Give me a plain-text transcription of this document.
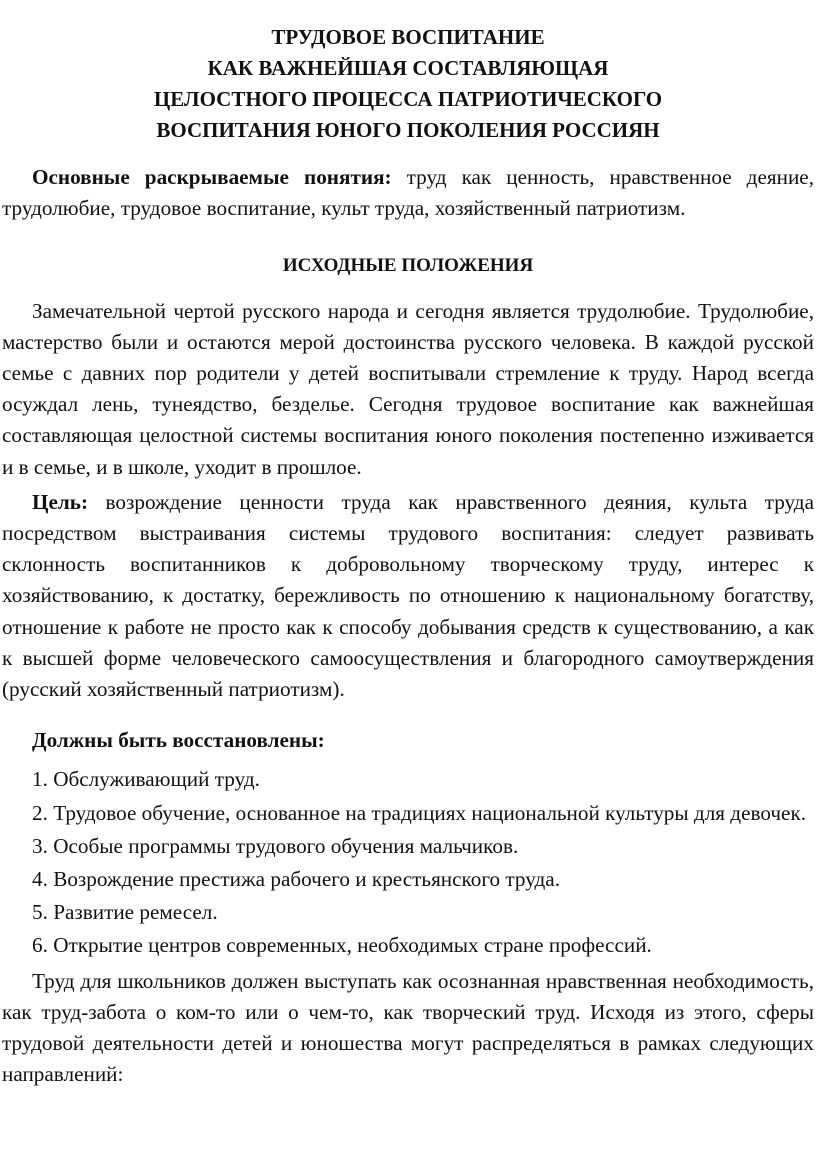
ТРУДОВОЕ ВОСПИТАНИЕ
КАК ВАЖНЕЙШАЯ СОСТАВЛЯЮЩАЯ
ЦЕЛОСТНОГО ПРОЦЕССА ПАТРИОТИЧЕСКОГО
ВОСПИТАНИЯ ЮНОГО ПОКОЛЕНИЯ РОССИЯН

Основные раскрываемые понятия: труд как ценность, нравственное деяние, трудолюбие, трудовое воспитание, культ труда, хозяйственный патриотизм.

ИСХОДНЫЕ ПОЛОЖЕНИЯ

Замечательной чертой русского народа и сегодня является трудолюбие. Трудолюбие, мастерство были и остаются мерой достоинства русского человека. В каждой русской семье с давних пор родители у детей воспитывали стремление к труду. Народ всегда осуждал лень, тунеядство, безделье. Сегодня трудовое воспитание как важнейшая составляющая целостной системы воспитания юного поколения постепенно изживается и в семье, и в школе, уходит в прошлое.

Цель: возрождение ценности труда как нравственного деяния, культа труда посредством выстраивания системы трудового воспитания: следует развивать склонность воспитанников к добровольному творческому труду, интерес к хозяйствованию, к достатку, бережливость по отношению к национальному богатству, отношение к работе не просто как к способу добывания средств к существованию, а как к высшей форме человеческого самоосуществления и благородного самоутверждения (русский хозяйственный патриотизм).

Должны быть восстановлены:

1. Обслуживающий труд.

2. Трудовое обучение, основанное на традициях национальной культуры для девочек.

3. Особые программы трудового обучения мальчиков.

4. Возрождение престижа рабочего и крестьянского труда.

5. Развитие ремесел.

6. Открытие центров современных, необходимых стране профессий.

Труд для школьников должен выступать как осознанная нравственная необходимость, как труд-забота о ком-то или о чем-то, как творческий труд. Исходя из этого, сферы трудовой деятельности детей и юношества могут распределяться в рамках следующих направлений:
